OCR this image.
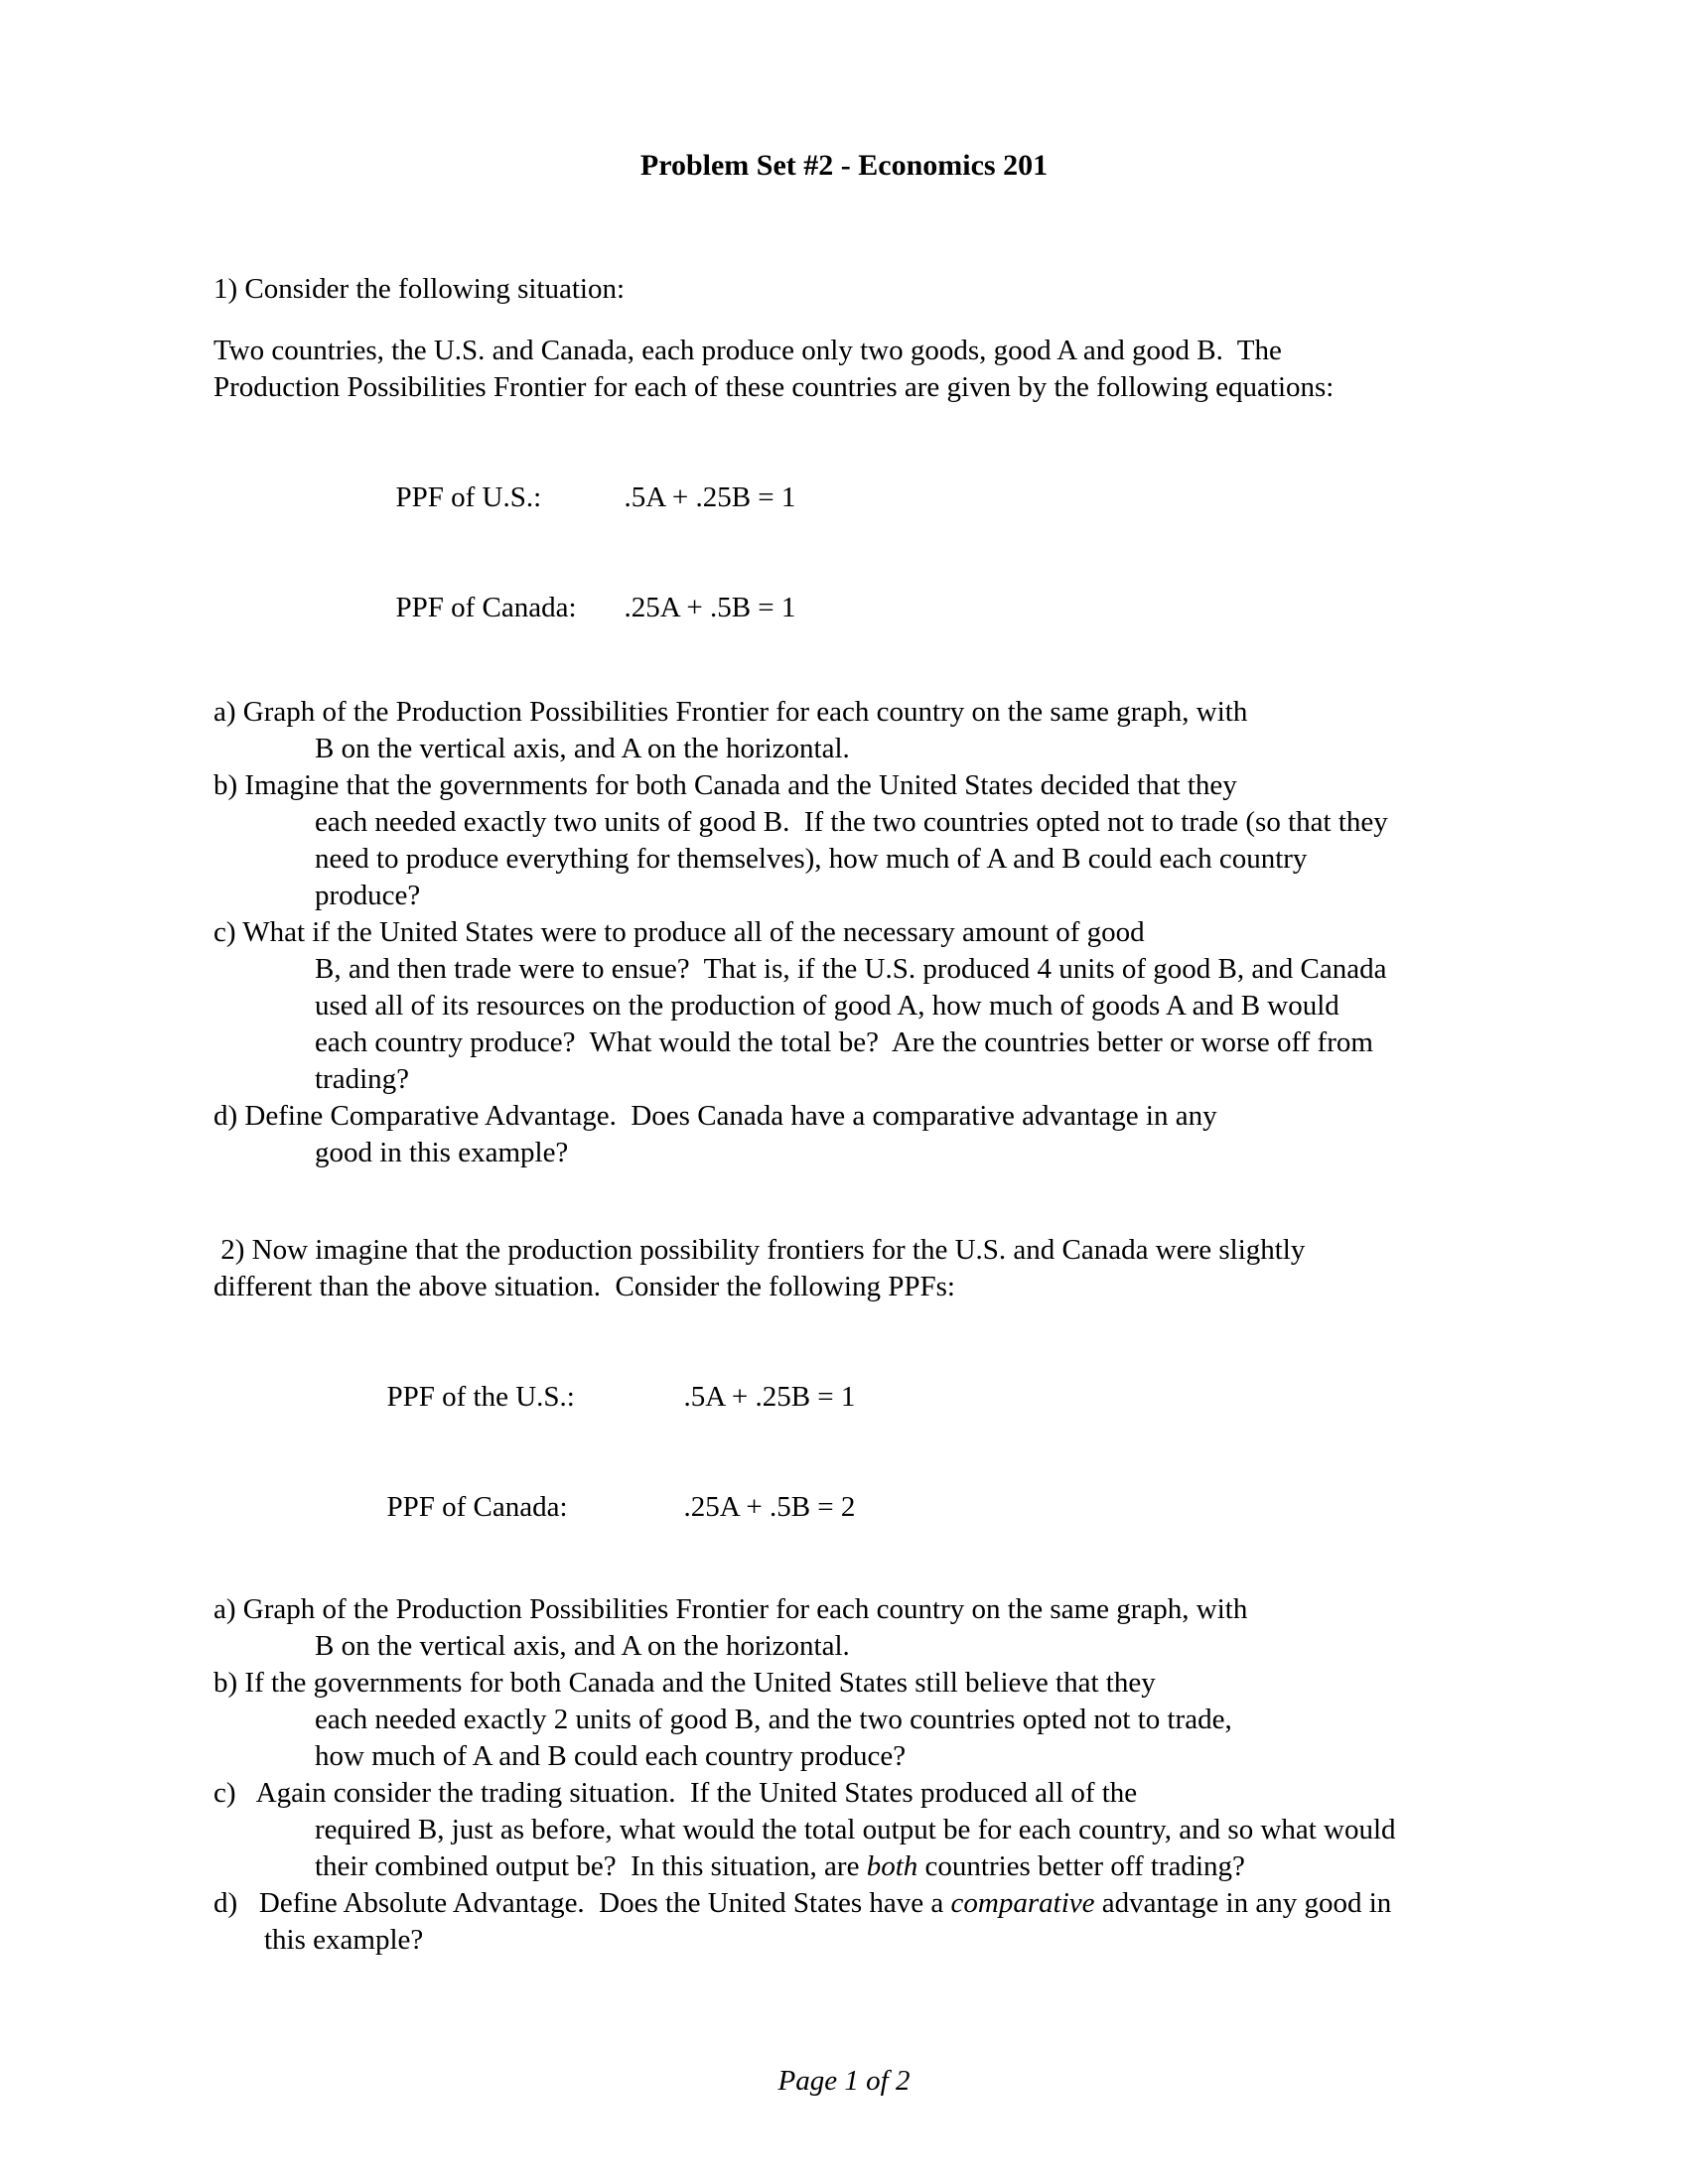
Problem Set #2 - Economics 201
1) Consider the following situation:
Two countries, the U.S. and Canada, each produce only two goods, good A and good B.  The
Production Possibilities Frontier for each of these countries are given by the following equations:

PPF of U.S.:	.5A + .25B = 1

PPF of Canada: .25A + .5B = 1

a) Graph of the Production Possibilities Frontier for each country on the same graph, with
B on the vertical axis, and A on the horizontal.
b) Imagine that the governments for both Canada and the United States decided that they
each needed exactly two units of good B.  If the two countries opted not to trade (so that they
need to produce everything for themselves), how much of A and B could each country
produce?
c) What if the United States were to produce all of the necessary amount of good
B, and then trade were to ensue?  That is, if the U.S. produced 4 units of good B, and Canada
used all of its resources on the production of good A, how much of goods A and B would
each country produce?  What would the total be?  Are the countries better or worse off from
trading?
d) Define Comparative Advantage.  Does Canada have a comparative advantage in any
good in this example?
2) Now imagine that the production possibility frontiers for the U.S. and Canada were slightly
different than the above situation.  Consider the following PPFs:

PPF of the U.S.:	.5A + .25B = 1

PPF of Canada:	.25A + .5B = 2

a) Graph of the Production Possibilities Frontier for each country on the same graph, with
B on the vertical axis, and A on the horizontal.
b) If the governments for both Canada and the United States still believe that they
each needed exactly 2 units of good B, and the two countries opted not to trade,
how much of A and B could each country produce?
c)   Again consider the trading situation.  If the United States produced all of the
required B, just as before, what would the total output be for each country, and so what would
their combined output be?  In this situation, are both countries better off trading?
d)   Define Absolute Advantage.  Does the United States have a comparative advantage in any good in
this example?
Page 1 of 2
